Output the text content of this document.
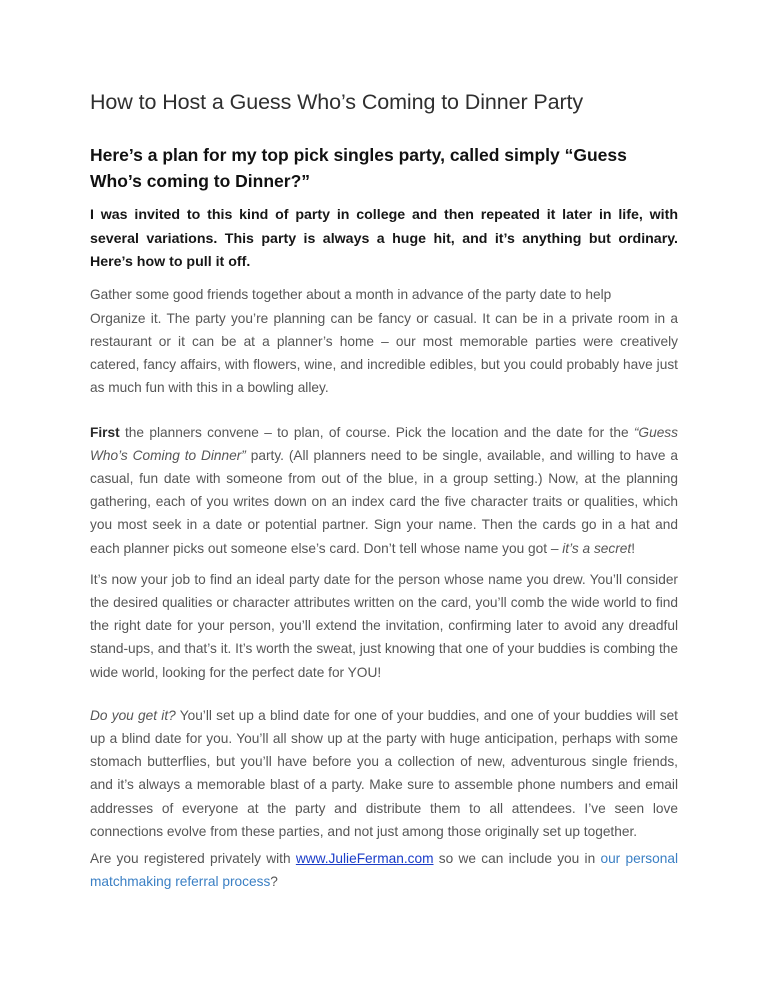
How to Host a Guess Who’s Coming to Dinner Party
Here’s a plan for my top pick singles party, called simply “Guess Who’s coming to Dinner?”
I was invited to this kind of party in college and then repeated it later in life, with several variations. This party is always a huge hit, and it’s anything but ordinary. Here’s how to pull it off.

Gather some good friends together about a month in advance of the party date to help

Organize it. The party you’re planning can be fancy or casual. It can be in a private room in a restaurant or it can be at a planner’s home – our most memorable parties were creatively catered, fancy affairs, with flowers, wine, and incredible edibles, but you could probably have just as much fun with this in a bowling alley.

First the planners convene – to plan, of course. Pick the location and the date for the “Guess Who’s Coming to Dinner” party. (All planners need to be single, available, and willing to have a casual, fun date with someone from out of the blue, in a group setting.) Now, at the planning gathering, each of you writes down on an index card the five character traits or qualities, which you most seek in a date or potential partner. Sign your name. Then the cards go in a hat and each planner picks out someone else’s card. Don’t tell whose name you got – it’s a secret!

It’s now your job to find an ideal party date for the person whose name you drew. You’ll consider the desired qualities or character attributes written on the card, you’ll comb the wide world to find the right date for your person, you’ll extend the invitation, confirming later to avoid any dreadful stand-ups, and that’s it. It’s worth the sweat, just knowing that one of your buddies is combing the wide world, looking for the perfect date for YOU!

Do you get it? You’ll set up a blind date for one of your buddies, and one of your buddies will set up a blind date for you. You’ll all show up at the party with huge anticipation, perhaps with some stomach butterflies, but you’ll have before you a collection of new, adventurous single friends, and it’s always a memorable blast of a party. Make sure to assemble phone numbers and email addresses of everyone at the party and distribute them to all attendees. I’ve seen love connections evolve from these parties, and not just among those originally set up together.

Are you registered privately with www.JulieFerman.com so we can include you in our personal matchmaking referral process?
